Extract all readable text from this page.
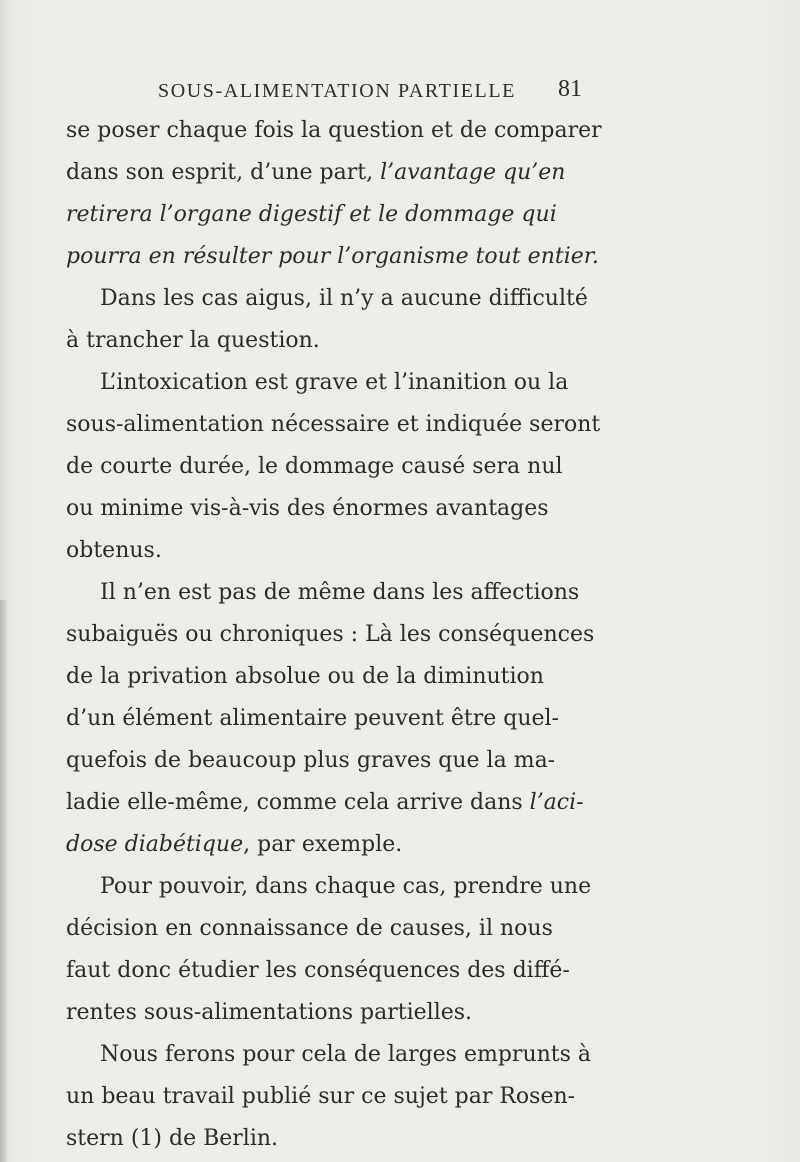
SOUS-ALIMENTATION PARTIELLE	81
se poser chaque fois la question et de comparer
dans son esprit, d’une part, l’avantage qu’en
retirera l’organe digestif et le dommage qui
pourra en résulter pour l’organisme tout entier.
Dans les cas aigus, il n’y a aucune difficulté
à trancher la question.
L’intoxication est grave et l’inanition ou la
sous-alimentation nécessaire et indiquée seront
de courte durée, le dommage causé sera nul
ou minime vis-à-vis des énormes avantages
obtenus.
Il n’en est pas de même dans les affections
subaiguës ou chroniques : Là les conséquences
de la privation absolue ou de la diminution
d’un élément alimentaire peuvent être quel-
quefois de beaucoup plus graves que la ma-
ladie elle-même, comme cela arrive dans l’aci-
dose diabétique, par exemple.
Pour pouvoir, dans chaque cas, prendre une
décision en connaissance de causes, il nous
faut donc étudier les conséquences des diffé-
rentes sous-alimentations partielles.
Nous ferons pour cela de larges emprunts à
un beau travail publié sur ce sujet par Rosen-
stern (1) de Berlin.
